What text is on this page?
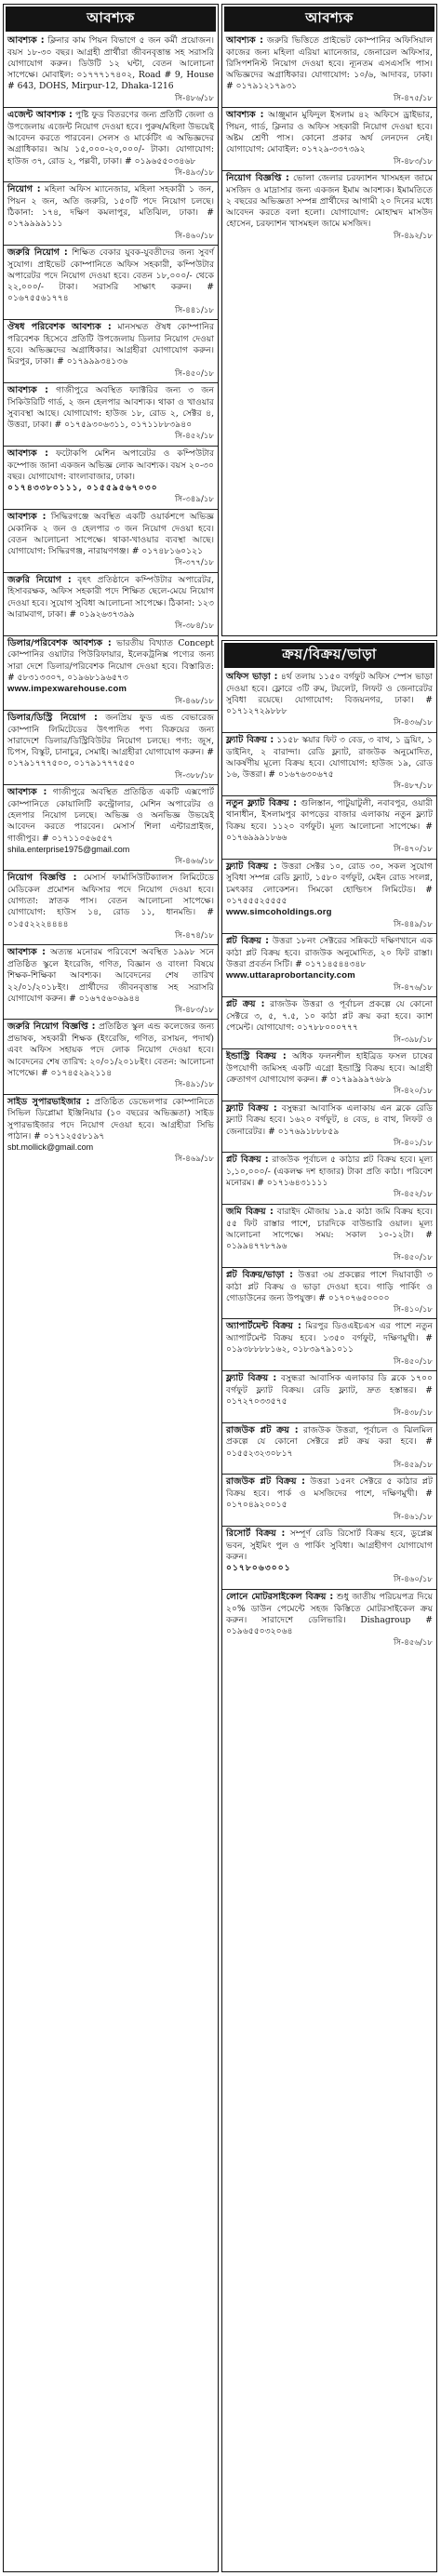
আবশ্যক
আবশ্যক : ক্লিনার কাম পিয়ন বিভাগে ৫ জন কর্মী প্রয়োজন। বয়স ১৮-৩০ বছর। আগ্রহী প্রার্থীরা জীবনবৃত্তান্ত সহ সরাসরি যোগাযোগ করুন। ডিউটি ১২ ঘন্টা, বেতন আলোচনা সাপেক্ষে। মোবাইল: ০১৭৭৭১৭৪০২, Road # 9, House # 643, DOHS, Mirpur-12, Dhaka-1216
সি-৪৮৬/১৮
এজেন্ট আবশ্যক : পুষ্টি ফুড বিতরণের জন্য প্রতিটি জেলা ও উপজেলায় এজেন্ট নিয়োগ দেওয়া হবে। পুরুষ/মহিলা উভয়েই আবেদন করতে পারবেন। সেলস ও মার্কেটিং এ অভিজ্ঞদের অগ্রাধিকার। আয় ১৫,০০০-২০,০০০/- টাকা। যোগাযোগ: হাউজ ৩৭, রোড ২, পল্লবী, ঢাকা। # ০১৯৬৫৫০৩৪৬৮
সি-৪৯৩/১৮
নিয়োগ : মহিলা অফিস ম্যানেজার, মহিলা সহকারী ১ জন, পিয়ন ২ জন, অতি জরুরি, ১৫০টি পদে নিয়োগ চলছে। ঠিকানা: ১৭৪, দক্ষিণ কমলাপুর, মতিঝিল, ঢাকা। # ০১৭৯৯৯৯১১১
সি-৪৬০/১৮
জরুরি নিয়োগ : শিক্ষিত বেকার যুবক-যুবতীদের জন্য সুবর্ণ সুযোগ। প্রাইভেট কোম্পানিতে অফিস সহকারী, কম্পিউটার অপারেটর পদে নিয়োগ দেওয়া হবে। বেতন ১৮,০০০/- থেকে ২২,০০০/- টাকা। সরাসরি সাক্ষাৎ করুন। # ০১৬৭৫৫৬১৭৭৪
সি-৪৪১/১৮
ঔষধ পরিবেশক আবশ্যক : মানসম্মত ঔষধ কোম্পানির পরিবেশক হিসেবে প্রতিটি উপজেলায় ডিলার নিয়োগ দেওয়া হবে। অভিজ্ঞদের অগ্রাধিকার। আগ্রহীরা যোগাযোগ করুন। মিরপুর, ঢাকা। # ০১৭৯৯৯৩৪১৩৬
সি-৪৫০/১৮
আবশ্যক : গাজীপুরে অবস্থিত ফ্যাক্টরির জন্য ৩ জন সিকিউরিটি গার্ড, ২ জন হেলপার আবশ্যক। থাকা ও খাওয়ার সুব্যবস্থা আছে। যোগাযোগ: হাউজ ১৮, রোড ২, সেক্টর ৪, উত্তরা, ঢাকা। # ০১৭৫৯৩০৬৩১১, ০১৭১১৮৮৩৯৪০
সি-৪৫২/১৮
আবশ্যক : ফটোকপি মেশিন অপারেটর ও কম্পিউটার কম্পোজ জানা একজন অভিজ্ঞ লোক আবশ্যক। বয়স ২০-৩০ বছর। যোগাযোগ: বাংলাবাজার, ঢাকা।
০১৭৪৩৩৮০১১১, ০১৫৫৯৫৬৭০৩০
সি-৩৪৯/১৮
আবশ্যক : সিদ্ধিরগঞ্জে অবস্থিত একটি ওয়ার্কশপে অভিজ্ঞ মেকানিক ২ জন ও হেলপার ৩ জন নিয়োগ দেওয়া হবে। বেতন আলোচনা সাপেক্ষে। থাকা-খাওয়ার ব্যবস্থা আছে। যোগাযোগ: সিদ্ধিরগঞ্জ, নারায়ণগঞ্জ। # ০১৭৪৮১৬০১২১
সি-৩৭৭/১৮
জরুরি নিয়োগ : বৃহৎ প্রতিষ্ঠানে কম্পিউটার অপারেটর, হিসাবরক্ষক, অফিস সহকারী পদে শিক্ষিত ছেলে-মেয়ে নিয়োগ দেওয়া হবে। সুযোগ সুবিধা আলোচনা সাপেক্ষে। ঠিকানা: ১২৩ আরামবাগ, ঢাকা। # ০১৯২৬৩৭৩৯৯
সি-৩৮৪/১৮
ডিলার/পরিবেশক আবশ্যক : ভারতীয় বিখ্যাত Concept কোম্পানির ওয়াটার পিউরিফায়ার, ইলেকট্রনিক্স পণ্যের জন্য সারা দেশে ডিলার/পরিবেশক নিয়োগ দেওয়া হবে। বিস্তারিত: # ৫৮৩১৩৩০৭, ০১৯৬৮১৯৬৫৭৩
www.impexwarehouse.com
সি-৪৬৮/১৮
ডিলার/ডিস্ট্রি নিয়োগ : জনপ্রিয় ফুড এন্ড বেভারেজ কোম্পানি লিমিটেডের উৎপাদিত পণ্য বিক্রয়ের জন্য সারাদেশে ডিলার/ডিস্ট্রিবিউটর নিয়োগ চলছে। পণ্য: জুস, চিপস, বিস্কুট, চানাচুর, সেমাই। আগ্রহীরা যোগাযোগ করুন। # ০১৭৯১৭৭৭৫০০, ০১৭৯১৭৭৭৫৫০
সি-৩৮৮/১৮
আবশ্যক : গাজীপুরে অবস্থিত প্রতিষ্ঠিত একটি এক্সপোর্ট কোম্পানিতে কোয়ালিটি কন্ট্রোলার, মেশিন অপারেটর ও হেলপার নিয়োগ চলছে। অভিজ্ঞ ও অনভিজ্ঞ উভয়েই আবেদন করতে পারবেন। মেসার্স শিলা এন্টারপ্রাইজ, গাজীপুর। # ০১৭১১০৫৬৫৫৭
shila.enterprise1975@gmail.com
সি-৪৬৬/১৮
নিয়োগ বিজ্ঞপ্তি : মেসার্স ফার্মাসিউটিক্যালস লিমিটেডে মেডিকেল প্রমোশন অফিসার পদে নিয়োগ দেওয়া হবে। যোগ্যতা: স্নাতক পাস। বেতন আলোচনা সাপেক্ষে। যোগাযোগ: হাউস ১৪, রোড ১১, ধানমন্ডি। # ০১৫৫২২২৪৪৪৪
সি-৪৭৪/১৮
আবশ্যক : অত্যন্ত মনোরম পরিবেশে অবস্থিত ১৯৯৮ সনে প্রতিষ্ঠিত স্কুলে ইংরেজি, গণিত, বিজ্ঞান ও বাংলা বিষয়ে শিক্ষক-শিক্ষিকা আবশ্যক। আবেদনের শেষ তারিখ ২২/০১/২০১৮ইং। প্রার্থীদের জীবনবৃত্তান্ত সহ সরাসরি যোগাযোগ করুন। # ০১৬৭৫৬০৬৯৪৪
সি-৪৮৩/১৮
জরুরি নিয়োগ বিজ্ঞপ্তি : প্রতিষ্ঠিত স্কুল এন্ড কলেজের জন্য প্রভাষক, সহকারী শিক্ষক (ইংরেজি, গণিত, রসায়ন, পদার্থ) এবং অফিস সহায়ক পদে লোক নিয়োগ দেওয়া হবে। আবেদনের শেষ তারিখ: ২০/০১/২০১৮ইং। বেতন: আলোচনা সাপেক্ষে। # ০১৭৪৫২৯২১১৪
সি-৪৯১/১৮
সাইড সুপারভাইজার : প্রতিষ্ঠিত ডেভেলপার কোম্পানিতে সিভিল ডিপ্লোমা ইঞ্জিনিয়ার (১০ বছরের অভিজ্ঞতা) সাইড সুপারভাইজার পদে নিয়োগ দেওয়া হবে। আগ্রহীরা সিভি পাঠান। # ০১৭১২৫৫৮১৯৭
sbt.mollick@gmail.com
সি-৪৬৯/১৮
আবশ্যক
আবশ্যক : জরুরি ভিত্তিতে প্রাইভেট কোম্পানির অফিসিয়াল কাজের জন্য মহিলা এরিয়া ম্যানেজার, জেনারেল অফিসার, রিসিপশনিস্ট নিয়োগ দেওয়া হবে। ন্যূনতম এসএসসি পাস। অভিজ্ঞদের অগ্রাধিকার। যোগাযোগ: ১০/৬, আদাবর, ঢাকা। # ০১৭৯১২১৭৯৩১
সি-৪৭৫/১৮
আবশ্যক : আঞ্জুমান মুফিদুল ইসলাম ৪২ অফিসে ড্রাইভার, পিয়ন, গার্ড, ক্লিনার ও অফিস সহকারী নিয়োগ দেওয়া হবে। অষ্টম শ্রেণী পাস। কোনো প্রকার অর্থ লেনদেন নেই। যোগাযোগ: মোবাইল: ০১৭২৯-৩৩৭৩৯২
সি-৪৮৩/১৮
নিয়োগ বিজ্ঞপ্তি : ভোলা জেলার চরফ্যাশন খাসমহল জামে মসজিদ ও মাদ্রাসার জন্য একজন ইমাম আবশ্যক। ইমামতিতে ২ বছরের অভিজ্ঞতা সম্পন্ন প্রার্থীদের আগামী ২০ দিনের মধ্যে আবেদন করতে বলা হলো। যোগাযোগ: মোহাম্মদ মাসউদ হোসেন, চরফ্যাশন খাসমহল জামে মসজিদ।
সি-৪৯২/১৮
ক্রয়/বিক্রয়/ভাড়া
অফিস ভাড়া : ৪র্থ তলায় ১১৫০ বর্গফুট অফিস স্পেস ভাড়া দেওয়া হবে। ফ্লোরে ৩টি রুম, টয়লেট, লিফট ও জেনারেটর সুবিধা রয়েছে। যোগাযোগ: বিজয়নগর, ঢাকা। # ০১৭১২৭২৯৮৮৮
সি-৪৩৬/১৮
ফ্ল্যাট বিক্রয় : ১১৫৮ স্কয়ার ফিট ৩ বেড, ৩ বাথ, ১ ড্রয়িং, ১ ডাইনিং, ২ বারান্দা। রেডি ফ্ল্যাট, রাজউক অনুমোদিত, আকর্ষণীয় মূল্যে বিক্রয় হবে। যোগাযোগ: হাউজ ১৯, রোড ১৬, উত্তরা। # ০১৬৭৬৩০৬৭৫
সি-৪৮৭/১৮
নতুন ফ্ল্যাট বিক্রয় : গুলিস্তান, পাটুয়াটুলী, নবাবপুর, ওয়ারী থানাধীন, ইসলামপুর কাপড়ের বাজার এলাকায় নতুন ফ্ল্যাট বিক্রয় হবে। ১১২০ বর্গফুট। মূল্য আলোচনা সাপেক্ষে। # ০১৭৬৯৯৯১৮৬৬
সি-৪৭০/১৮
ফ্ল্যাট বিক্রয় : উত্তরা সেক্টর ১০, রোড ৩০, সকল সুযোগ সুবিধা সম্পন্ন রেডি ফ্ল্যাট, ১৫৮০ বর্গফুট, মেইন রোড সংলগ্ন, চমৎকার লোকেশন। সিমকো হোল্ডিংস লিমিটেড। # ০১৭৫৫৫২৫৫৫৫
www.simcoholdings.org
সি-৪৪৯/১৮
প্লট বিক্রয় : উত্তরা ১৮নং সেক্টরের সন্নিকটে দক্ষিণখানে এক কাঠা প্লট বিক্রয় হবে। রাজউক অনুমোদিত, ২০ ফিট রাস্তা। উত্তরা প্রবর্তন সিটি। # ০১৭১৪৫৪৪৩৪৮
www.uttaraprobortancity.com
সি-৪৭৬/১৮
প্লট ক্রয় : রাজউক উত্তরা ও পূর্বাচল প্রকল্পে যে কোনো সেক্টরে ৩, ৫, ৭.৫, ১০ কাঠা প্লট ক্রয় করা হবে। ক্যাশ পেমেন্ট। যোগাযোগ: ০১৭৮৮০০০৭৭৭
সি-৩৯৮/১৮
ইন্ডাস্ট্রি বিক্রয় : অধিক ফলনশীল হাইব্রিড ফসল চাষের উপযোগী জমিসহ একটি এগ্রো ইন্ডাস্ট্রি বিক্রয় হবে। আগ্রহী ক্রেতাগণ যোগাযোগ করুন। # ০১৭৯৯৯৯৭৬৮৯
সি-৪২০/১৮
ফ্ল্যাট বিক্রয় : বসুন্ধরা আবাসিক এলাকায় এন ব্লকে রেডি ফ্ল্যাট বিক্রয় হবে। ১৬২০ বর্গফুট, ৪ বেড, ৪ বাথ, লিফট ও জেনারেটর। # ০১৭৬৯১৮৮৮৫৯
সি-৪০১/১৮
প্লট বিক্রয় : রাজউক পূর্বাচল ৫ কাঠার প্লট বিক্রয় হবে। মূল্য ১,১০,০০০/- (একলক্ষ দশ হাজার) টাকা প্রতি কাঠা। পরিবেশ মনোরম। # ০১৭১৬৪৩১১১১
সি-৪৫২/১৮
জমি বিক্রয় : বারাইদ মৌজায় ১৯.৫ কাঠা জমি বিক্রয় হবে। ৫৫ ফিট রাস্তার পাশে, চারদিকে বাউন্ডারি ওয়াল। মূল্য আলোচনা সাপেক্ষে। সময়: সকাল ১০-১২টা। # ০১৯৯৪৭৭৮৭৯৬
সি-৪৫০/১৮
প্লট বিক্রয়/ভাড়া : উত্তরা ৩য় প্রকল্পের পাশে দিয়াবাড়ী ৩ কাঠা প্লট বিক্রয় ও ভাড়া দেওয়া হবে। গাড়ি পার্কিং ও গোডাউনের জন্য উপযুক্ত। # ০১৭০৭৬৫০০০০
সি-৪১০/১৮
অ্যাপার্টমেন্ট বিক্রয় : মিরপুর ডিওএইচএস এর পাশে নতুন অ্যাপার্টমেন্ট বিক্রয় হবে। ১৩৫০ বর্গফুট, দক্ষিণমুখী। # ০১৯৩৮৮৮৮১৬২, ০১৮৩৯৭৯১০১১
সি-৪৫০/১৮
ফ্ল্যাট বিক্রয় : বসুন্ধরা আবাসিক এলাকার ডি ব্লকে ১৭০০ বর্গফুট ফ্ল্যাট বিক্রয়। রেডি ফ্ল্যাট, দ্রুত হস্তান্তর। # ০১৭২৭০৩৩৫৭৫
সি-৪৩৮/১৮
রাজউক প্লট ক্রয় : রাজউক উত্তরা, পূর্বাচল ও ঝিলমিল প্রকল্পে যে কোনো সেক্টরে প্লট ক্রয় করা হবে। # ০১৫৫২৩২৩০৮১৭
সি-৪৫৯/১৮
রাজউক প্লট বিক্রয় : উত্তরা ১৫নং সেক্টরে ৫ কাঠার প্লট বিক্রয় হবে। পার্ক ও মসজিদের পাশে, দক্ষিণমুখী। # ০১৭০৪৯২০০১৫
সি-৪৬১/১৮
রিসোর্ট বিক্রয় : সম্পূর্ণ রেডি রিসোর্ট বিক্রয় হবে, ডুপ্লেক্স ভবন, সুইমিং পুল ও পার্কিং সুবিধা। আগ্রহীগণ যোগাযোগ করুন।
০১৭৮০৬৩০০১
সি-৪৬০/১৮
লোনে মোটরসাইকেল বিক্রয় : শুধু জাতীয় পরিচয়পত্র দিয়ে ২০% ডাউন পেমেন্টে সহজ কিস্তিতে মোটরসাইকেল ক্রয় করুন। সারাদেশে ডেলিভারি। Dishagroup # ০১৯৬৫৫০৩২০৬৪
সি-৪৫৬/১৮
